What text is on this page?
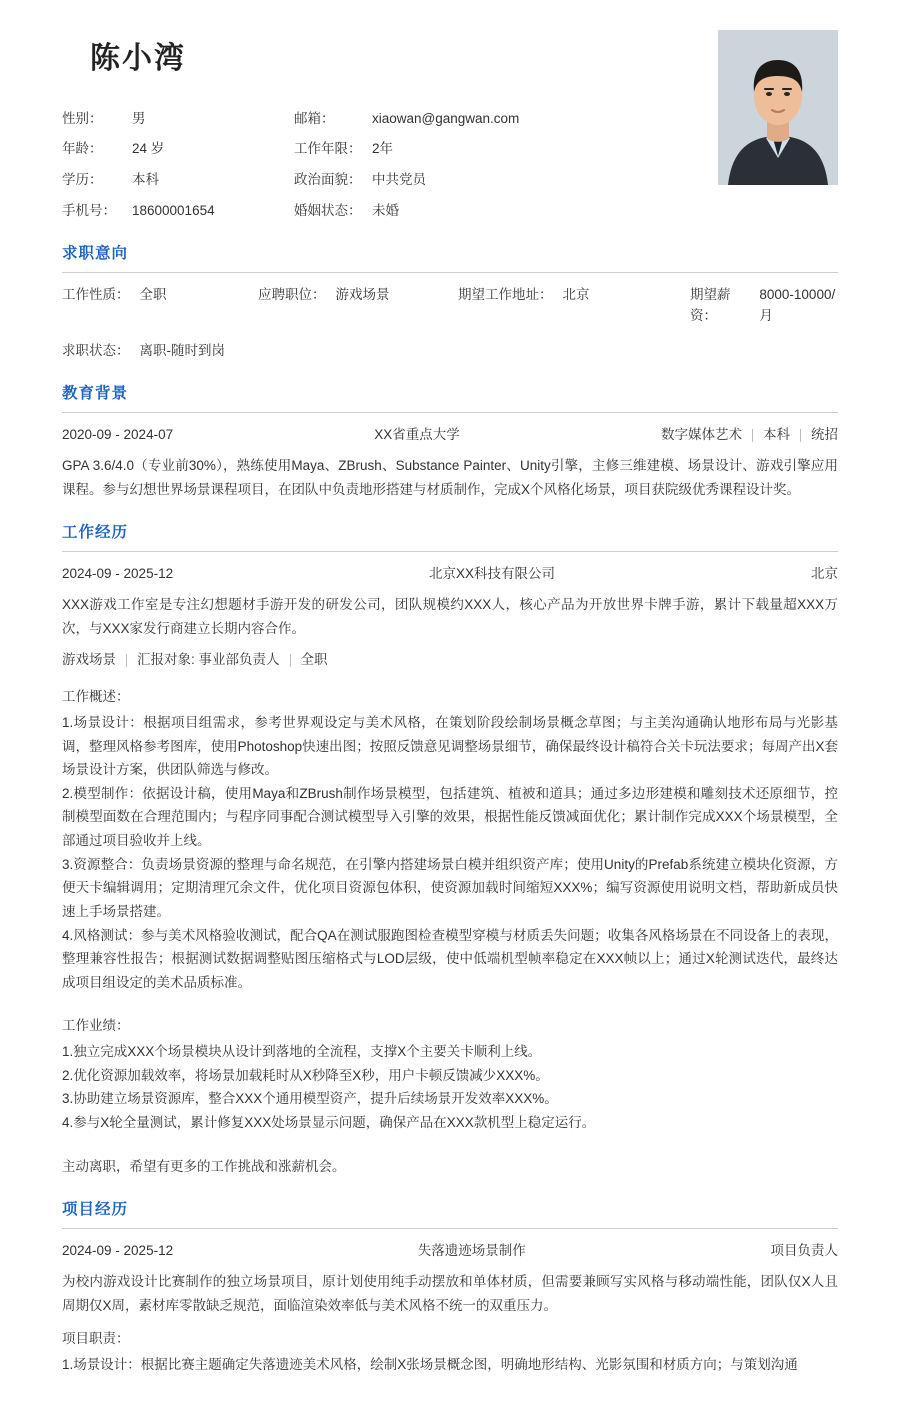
陈小湾
性别：	男	邮箱：	xiaowan@gangwan.com
年龄：	24 岁	工作年限： 2年
学历：	本科	政治面貌： 中共党员
手机号：	18600001654	婚姻状态： 未婚
求职意向
工作性质： 全职	应聘职位： 游戏场景	期望工作地址： 北京	期望薪资：
8000-10000/月
求职状态： 离职-随时到岗
教育背景
2020-09 - 2024-07	XX省重点大学	数字媒体艺术 本科 统招

GPA 3.6/4.0（专业前30%），熟练使用Maya、ZBrush、Substance Painter、Unity引擎，主修三维建模、场景设计、游戏引擎应用课程。参与幻想世界场景课程项目，在团队中负责地形搭建与材质制作，完成X个风格化场景，项目获院级优秀课程设计奖。

工作经历
2024-09 - 2025-12	北京XX科技有限公司	北京

XXX游戏工作室是专注幻想题材手游开发的研发公司，团队规模约XXX人，核心产品为开放世界卡牌手游，累计下载量超XXX万次，与XXX家发行商建立长期内容合作。

游戏场景 汇报对象: 事业部负责人 全职

工作概述：

1.场景设计：根据项目组需求，参考世界观设定与美术风格，在策划阶段绘制场景概念草图；与主美沟通确认地形布局与光影基调，整理风格参考图库，使用Photoshop快速出图；按照反馈意见调整场景细节，确保最终设计稿符合关卡玩法要求；每周产出X套场景设计方案，供团队筛选与修改。

2.模型制作：依据设计稿，使用Maya和ZBrush制作场景模型，包括建筑、植被和道具；通过多边形建模和雕刻技术还原细节，控制模型面数在合理范围内；与程序同事配合测试模型导入引擎的效果，根据性能反馈减面优化；累计制作完成XXX个场景模型，全部通过项目验收并上线。

3.资源整合：负责场景资源的整理与命名规范，在引擎内搭建场景白模并组织资产库；使用Unity的Prefab系统建立模块化资源，方便天卡编辑调用；定期清理冗余文件，优化项目资源包体积，使资源加载时间缩短XXX%；编写资源使用说明文档，帮助新成员快速上手场景搭建。

4.风格测试：参与美术风格验收测试，配合QA在测试服跑图检查模型穿模与材质丢失问题；收集各风格场景在不同设备上的表现，整理兼容性报告；根据测试数据调整贴图压缩格式与LOD层级，使中低端机型帧率稳定在XXX帧以上；通过X轮测试迭代，最终达成项目组设定的美术品质标准。

工作业绩：

1.独立完成XXX个场景模块从设计到落地的全流程，支撑X个主要关卡顺利上线。

2.优化资源加载效率，将场景加载耗时从X秒降至X秒，用户卡顿反馈减少XXX%。

3.协助建立场景资源库，整合XXX个通用模型资产，提升后续场景开发效率XXX%。

4.参与X轮全量测试，累计修复XXX处场景显示问题，确保产品在XXX款机型上稳定运行。

主动离职，希望有更多的工作挑战和涨薪机会。

项目经历
2024-09 - 2025-12	失落遗迹场景制作	项目负责人

为校内游戏设计比赛制作的独立场景项目，原计划使用纯手动摆放和单体材质，但需要兼顾写实风格与移动端性能，团队仅X人且周期仅X周，素材库零散缺乏规范，面临渲染效率低与美术风格不统一的双重压力。

项目职责：

1.场景设计：根据比赛主题确定失落遗迹美术风格，绘制X张场景概念图，明确地形结构、光影氛围和材质方向；与策划沟通
